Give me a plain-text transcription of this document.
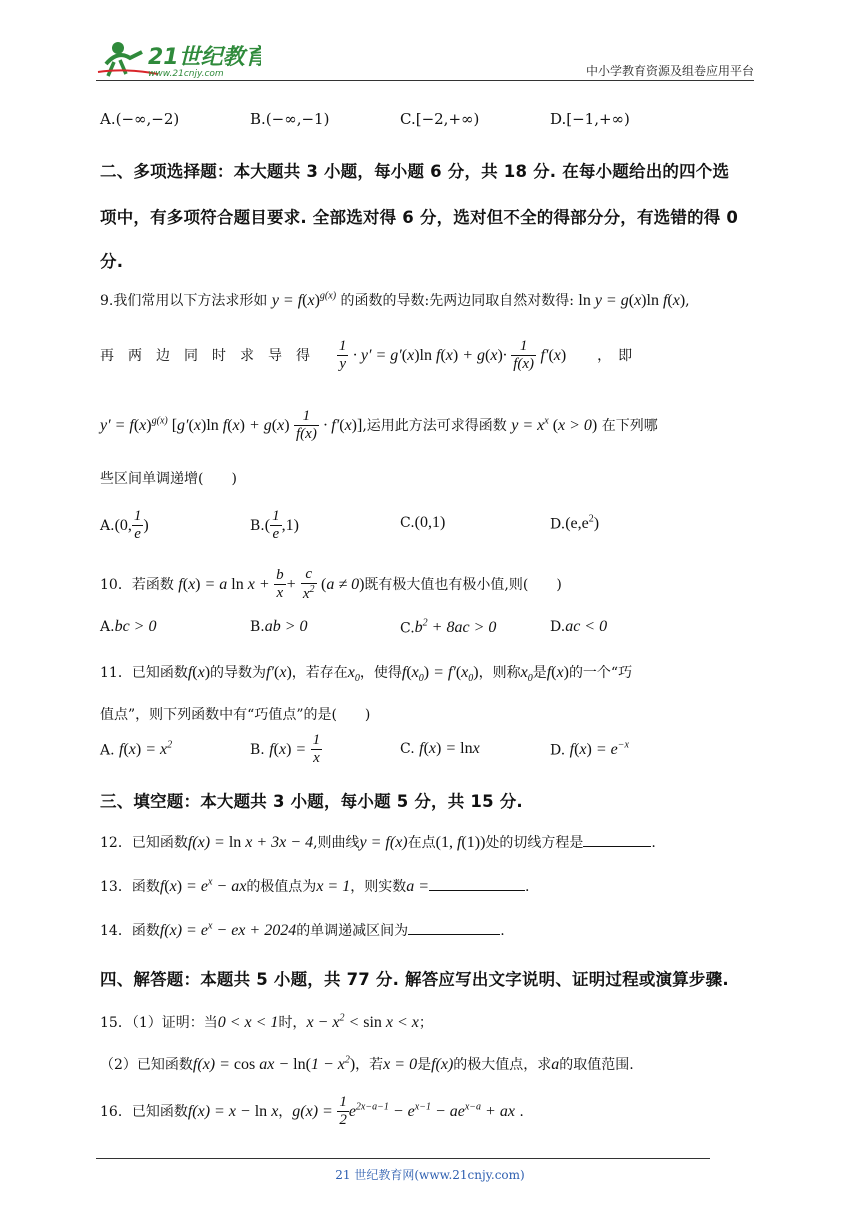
21世纪教育
www.21cnjy.com	中小学教育资源及组卷应用平台
A.(−∞,−2)	B.(−∞,−1)	C.[−2,+∞)	D.[−1,+∞)
二、多项选择题：本大题共 3 小题，每小题 6 分，共 18 分. 在每小题给出的四个选
项中，有多项符合题目要求. 全部选对得 6 分，选对但不全的得部分分，有选错的得 0
分.
9.我们常用以下方法求形如 $y = f(x)^{g(x)}$ 的函数的导数:先两边同取自然对数得: ln y = g(x)ln f(x),
再　两　边　同　时　求　导　得 $\frac{1}{y} \cdot y' = g'(x)\ln$ $f(x) + g(x)\cdot \frac{1}{f(x)} f'(x)$ ，　即
$y' = f(x)^{g(x)}$ [g′(x)ln $f(x) + g(x) \frac{1}{f(x)} \cdot f'(x)$],运用此方法可求得函数 $y = x^x$ (x > 0) 在下列哪
些区间单调递增(　　)
A.(0, $\frac{1}{e}$ )	$B.( \frac{1}{e} ,1)$	C.(0,1)	$D.(e,e^2)$
10．若函数 f(x) = a $\ln x + \frac{b}{x} + \frac{c}{x^2} (a \ne 0)$既有极大值也有极小值,则(　　)
A.bc > 0	B.ab > 0	$C.b^2 + 8ac > 0$	D.ac < 0
11．已知函数f(x)的导数为f′(x)，若存在$x_0$，使得$f(x_0) = f'(x_0)$，则称$x_0$是f(x)的一个“巧
值点”，则下列函数中有“巧值点”的是(　　)
A. $f(x) = x^2$	B. $f(x) = \frac{1}{x}$	C. f(x) = lnx	D. $f(x) = e^{-x}$
三、填空题：本大题共 3 小题，每小题 5 分，共 15 分.
12．已知函数f(x) = ln x + 3x − 4,则曲线y = f(x)在点(1, f(1))处的切线方程是	.
13．函数$f(x) = e^x$ − ax的极值点为x = 1，则实数a =	.
14．函数$f(x) = e^x$ − ex + 2024的单调递减区间为	.
四、解答题：本题共 5 小题，共 77 分. 解答应写出文字说明、证明过程或演算步骤.
15．（1）证明：当0 < x < 1时，$x - x^2 < \sin x < x$；
（2）已知函数f(x) = cos ax − $\ln(1 - x^2)$，若x = 0是f(x)的极大值点，求a的取值范围.
16．已知函数f(x) = x − ln x，$g(x) = \frac{1}{2} e^{2x-a-1} - e^{x-1} - ae^{x-a}$ + ax .
21 世纪教育网(www.21cnjy.com)
